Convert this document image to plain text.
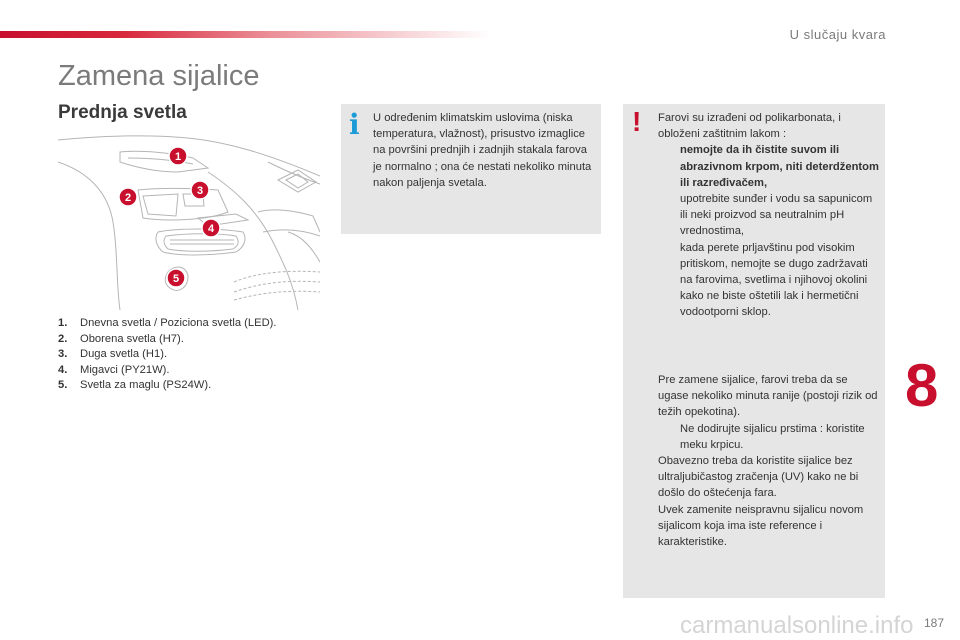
U slučaju kvara
Zamena sijalice
Prednja svetla
1
2
3
4
5
1. Dnevna svetla / Poziciona svetla (LED).
2. Oborena svetla (H7).
3. Duga svetla (H1).
4. Migavci (PY21W).
5. Svetla za maglu (PS24W).
i U određenim klimatskim uslovima (niska temperatura, vlažnost), prisustvo izmaglice na površini prednjih i zadnjih stakala farova je normalno ; ona će nestati nekoliko minuta nakon paljenja svetala.

! Farovi su izrađeni od polikarbonata, i obloženi zaštitnim lakom :

nemojte da ih čistite suvom ili abrazivnom krpom, niti deterdžentom ili razređivačem,

upotrebite sunđer i vodu sa sapunicom ili neki proizvod sa neutralnim pH vrednostima,

kada perete prljavštinu pod visokim pritiskom, nemojte se dugo zadržavati na farovima, svetlima i njihovoj okolini kako ne biste oštetili lak i hermetični vodootporni sklop.

Pre zamene sijalice, farovi treba da se ugase nekoliko minuta ranije (postoji rizik od težih opekotina).

Ne dodirujte sijalicu prstima : koristite meku krpicu.

Obavezno treba da koristite sijalice bez ultraljubičastog zračenja (UV) kako ne bi došlo do oštećenja fara.

Uvek zamenite neispravnu sijalicu novom sijalicom koja ima iste reference i karakteristike.

8
carmanualsonline.info 187
